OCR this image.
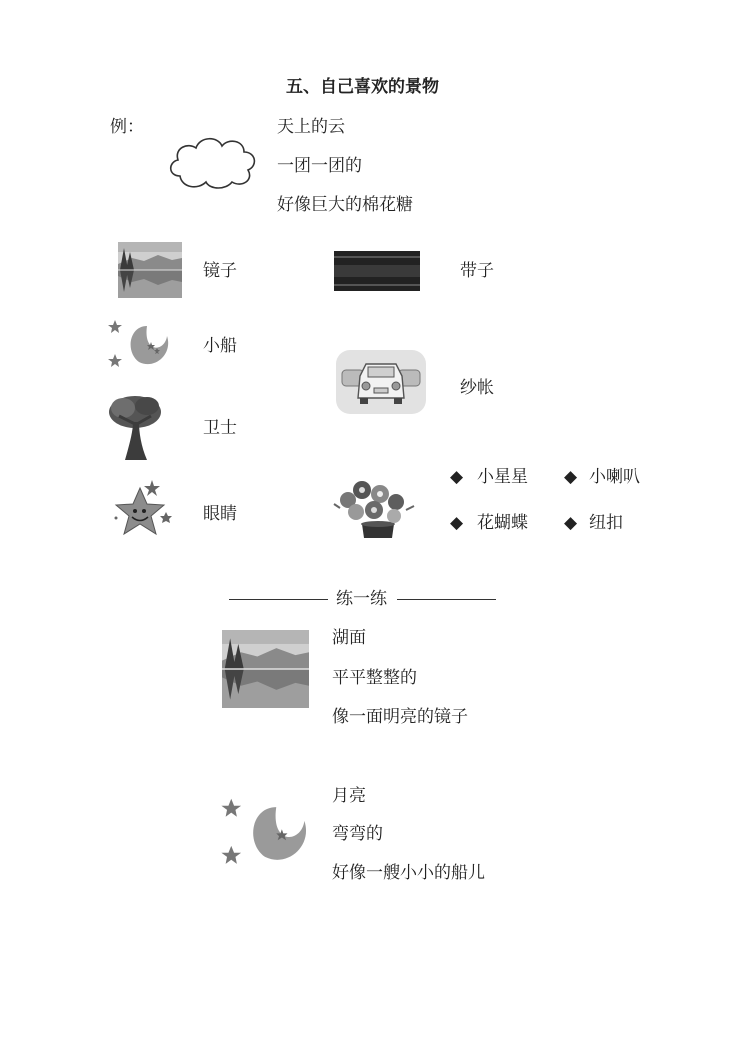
五、自己喜欢的景物
例：	天上的云
一团一团的
好像巨大的棉花糖
镜子
小船
卫士
眼睛
带子
纱帐
◆ 小星星 ◆ 小喇叭
◆ 花蝴蝶 ◆ 纽扣
练一练
湖面
平平整整的
像一面明亮的镜子
月亮
弯弯的
好像一艘小小的船儿
